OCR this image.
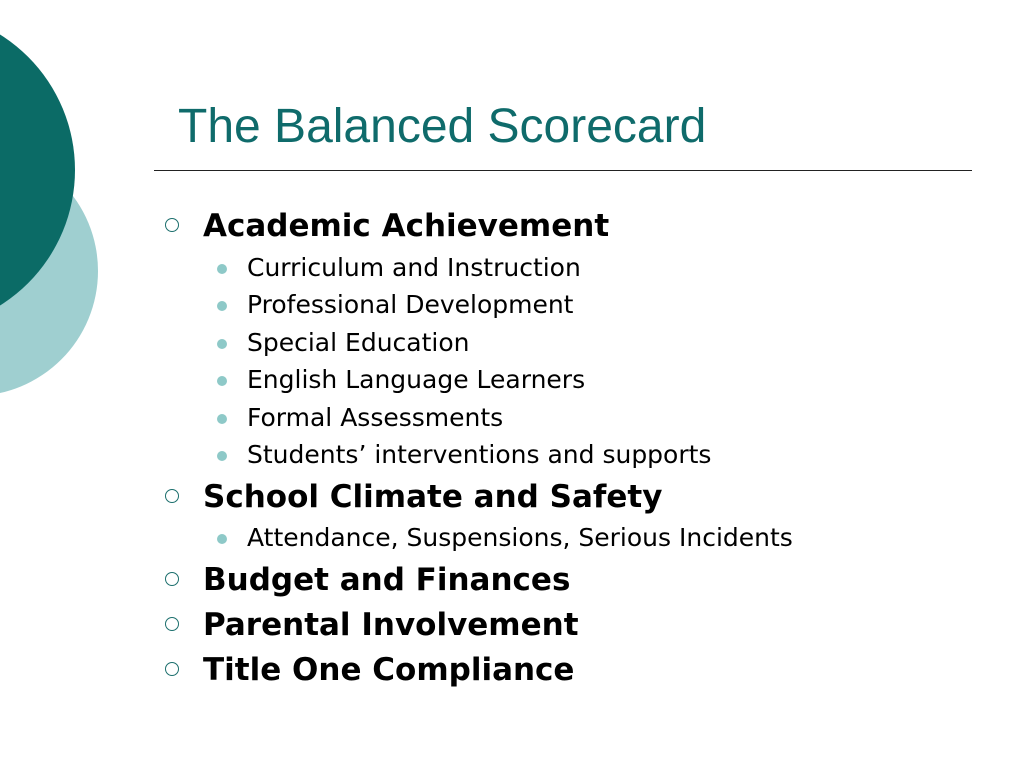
The Balanced Scorecard
Academic Achievement
Curriculum and Instruction
Professional Development
Special Education
English Language Learners
Formal Assessments
Students’ interventions and supports
School Climate and Safety
Attendance, Suspensions, Serious Incidents
Budget and Finances
Parental Involvement
Title One Compliance
